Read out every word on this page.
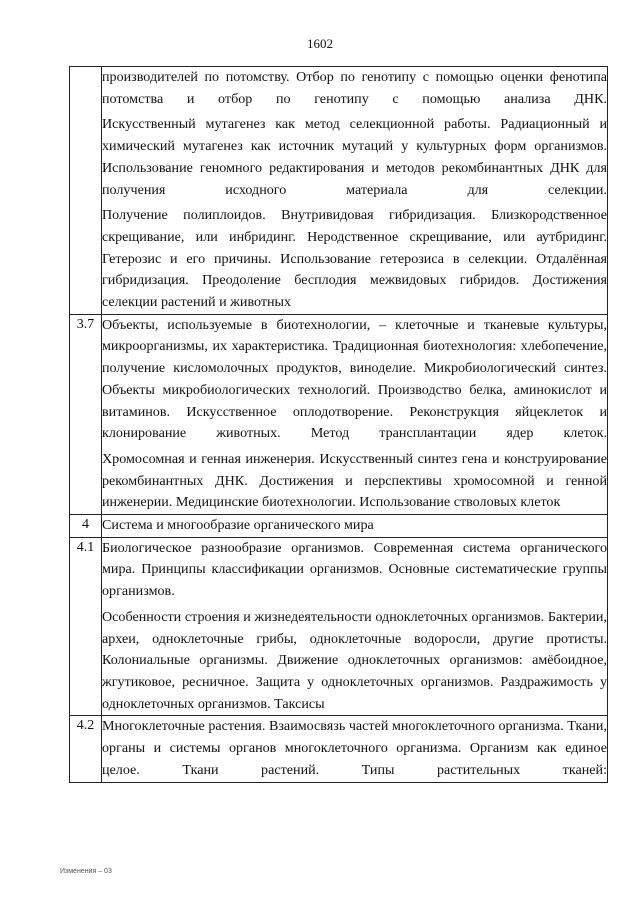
1602

	производителей по потомству. Отбор по генотипу с помощью оценки фенотипа потомства и отбор по генотипу с помощью анализа ДНК.

Искусственный мутагенез как метод селекционной работы. Радиационный и химический мутагенез как источник мутаций у культурных форм организмов. Использование геномного редактирования и методов рекомбинантных ДНК для получения исходного материала для селекции.

Получение полиплоидов. Внутривидовая гибридизация. Близкородственное скрещивание, или инбридинг. Неродственное скрещивание, или аутбридинг. Гетерозис и его причины. Использование гетерозиса в селекции. Отдалённая гибридизация. Преодоление бесплодия межвидовых гибридов. Достижения селекции растений и животных

3.7	Объекты, используемые в биотехнологии, – клеточные и тканевые культуры, микроорганизмы, их характеристика. Традиционная биотехнология: хлебопечение, получение кисломолочных продуктов, виноделие. Микробиологический синтез. Объекты микробиологических технологий. Производство белка, аминокислот и витаминов. Искусственное оплодотворение. Реконструкция яйцеклеток и клонирование животных. Метод трансплантации ядер клеток.

Хромосомная и генная инженерия. Искусственный синтез гена и конструирование рекомбинантных ДНК. Достижения и перспективы хромосомной и генной инженерии. Медицинские биотехнологии. Использование стволовых клеток

4	Система и многообразие органического мира

4.1	Биологическое разнообразие организмов. Современная система органического мира. Принципы классификации организмов. Основные систематические группы организмов.

Особенности строения и жизнедеятельности одноклеточных организмов. Бактерии, археи, одноклеточные грибы, одноклеточные водоросли, другие протисты. Колониальные организмы. Движение одноклеточных организмов: амёбоидное, жгутиковое, ресничное. Защита у одноклеточных организмов. Раздражимость у одноклеточных организмов. Таксисы

4.2	Многоклеточные растения. Взаимосвязь частей многоклеточного организма. Ткани, органы и системы органов многоклеточного организма. Организм как единое целое. Ткани растений. Типы растительных тканей:

Изменения – 03
